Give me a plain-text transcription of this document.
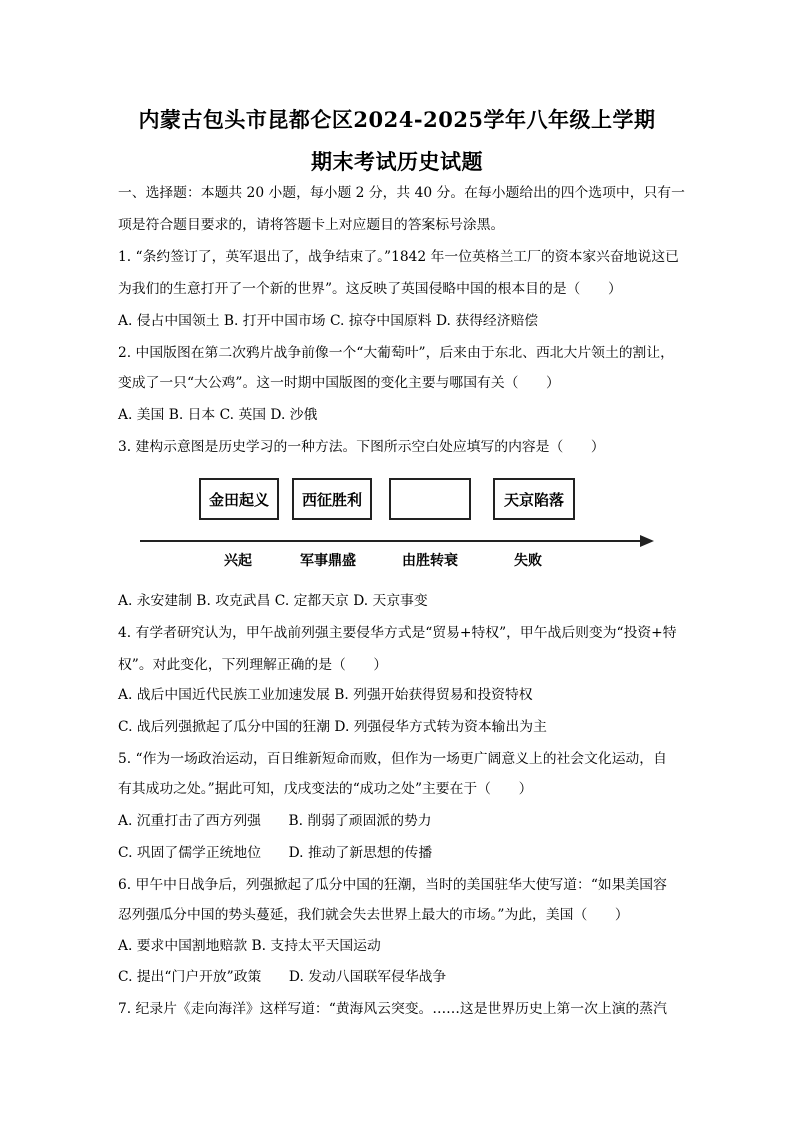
内蒙古包头市昆都仑区2024-2025学年八年级上学期
期末考试历史试题
一、选择题：本题共 20 小题，每小题 2 分，共 40 分。在每小题给出的四个选项中，只有一
项是符合题目要求的，请将答题卡上对应题目的答案标号涂黑。
1. “条约签订了，英军退出了，战争结束了。”1842 年一位英格兰工厂的资本家兴奋地说这已
为我们的生意打开了一个新的世界”。这反映了英国侵略中国的根本目的是（　　）
A. 侵占中国领土 B. 打开中国市场 C. 掠夺中国原料 D. 获得经济赔偿
2. 中国版图在第二次鸦片战争前像一个“大葡萄叶”，后来由于东北、西北大片领土的割让，
变成了一只“大公鸡”。这一时期中国版图的变化主要与哪国有关（　　）
A. 美国 B. 日本 C. 英国 D. 沙俄
3. 建构示意图是历史学习的一种方法。下图所示空白处应填写的内容是（　　）
金田起义	西征胜利	天京陷落
兴起	军事鼎盛	由胜转衰	失败
A. 永安建制 B. 攻克武昌 C. 定都天京 D. 天京事变
4. 有学者研究认为，甲午战前列强主要侵华方式是“贸易+特权”，甲午战后则变为“投资+特
权”。对此变化，下列理解正确的是（　　）
A. 战后中国近代民族工业加速发展 B. 列强开始获得贸易和投资特权
C. 战后列强掀起了瓜分中国的狂潮 D. 列强侵华方式转为资本输出为主
5. “作为一场政治运动，百日维新短命而败，但作为一场更广阔意义上的社会文化运动，自
有其成功之处。”据此可知，戊戌变法的“成功之处”主要在于（　　）
A. 沉重打击了西方列强　　B. 削弱了顽固派的势力
C. 巩固了儒学正统地位　　D. 推动了新思想的传播
6. 甲午中日战争后，列强掀起了瓜分中国的狂潮，当时的美国驻华大使写道：“如果美国容
忍列强瓜分中国的势头蔓延，我们就会失去世界上最大的市场。”为此，美国（　　）
A. 要求中国割地赔款 B. 支持太平天国运动
C. 提出“门户开放”政策　　D. 发动八国联军侵华战争
7. 纪录片《走向海洋》这样写道：“黄海风云突变。……这是世界历史上第一次上演的蒸汽
